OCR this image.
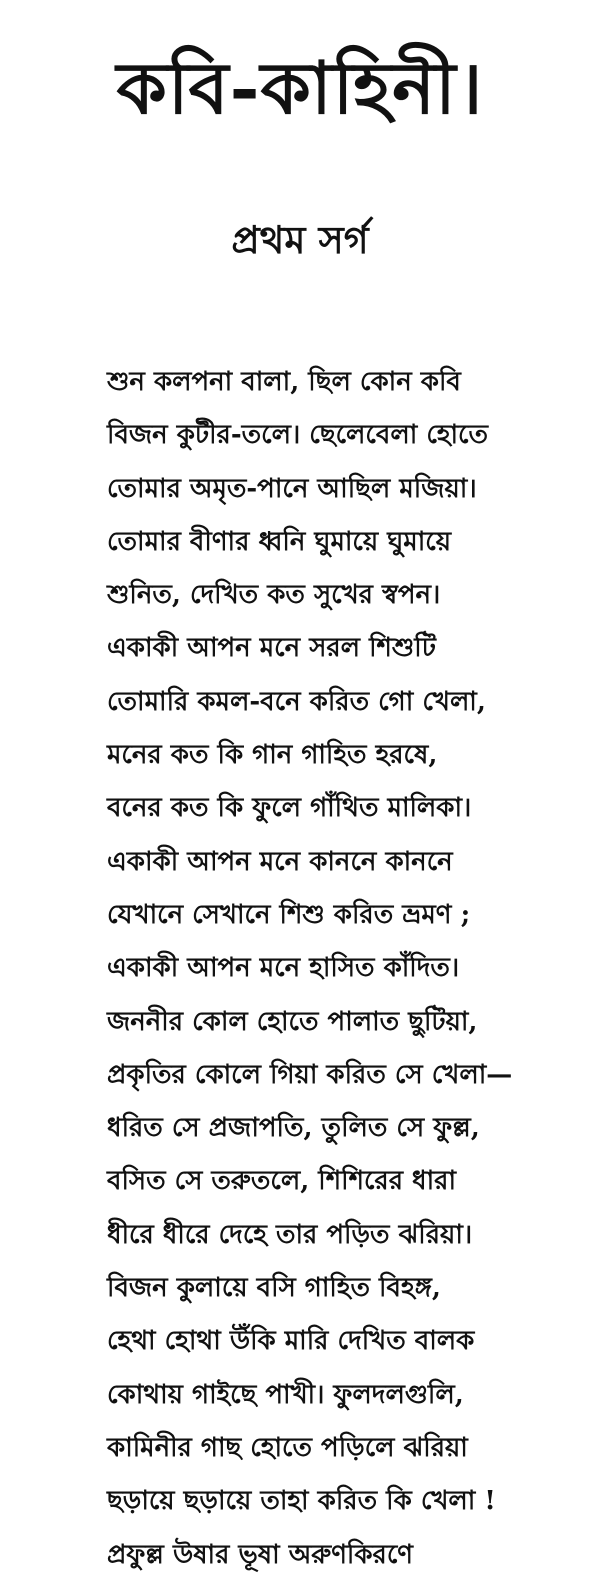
কবি-কাহিনী।
প্রথম সর্গ
শুন কলপনা বালা, ছিল কোন কবি
বিজন কুটীর-তলে। ছেলেবেলা হোতে
তোমার অমৃত-পানে আছিল মজিয়া।
তোমার বীণার ধ্বনি ঘুমায়ে ঘুমায়ে
শুনিত, দেখিত কত সুখের স্বপন।
একাকী আপন মনে সরল শিশুটি
তোমারি কমল-বনে করিত গো খেলা,
মনের কত কি গান গাহিত হরষে,
বনের কত কি ফুলে গাঁথিত মালিকা।
একাকী আপন মনে কাননে কাননে
যেখানে সেখানে শিশু করিত ভ্রমণ ;
একাকী আপন মনে হাসিত কাঁদিত।
জননীর কোল হোতে পালাত ছুটিয়া,
প্রকৃতির কোলে গিয়া করিত সে খেলা—
ধরিত সে প্রজাপতি, তুলিত সে ফুল্ল,
বসিত সে তরুতলে, শিশিরের ধারা
ধীরে ধীরে দেহে তার পড়িত ঝরিয়া।
বিজন কুলায়ে বসি গাহিত বিহঙ্গ,
হেথা হোথা উঁকি মারি দেখিত বালক
কোথায় গাইছে পাখী। ফুলদলগুলি,
কামিনীর গাছ হোতে পড়িলে ঝরিয়া
ছড়ায়ে ছড়ায়ে তাহা করিত কি খেলা !
প্রফুল্ল উষার ভূষা অরুণকিরণে
